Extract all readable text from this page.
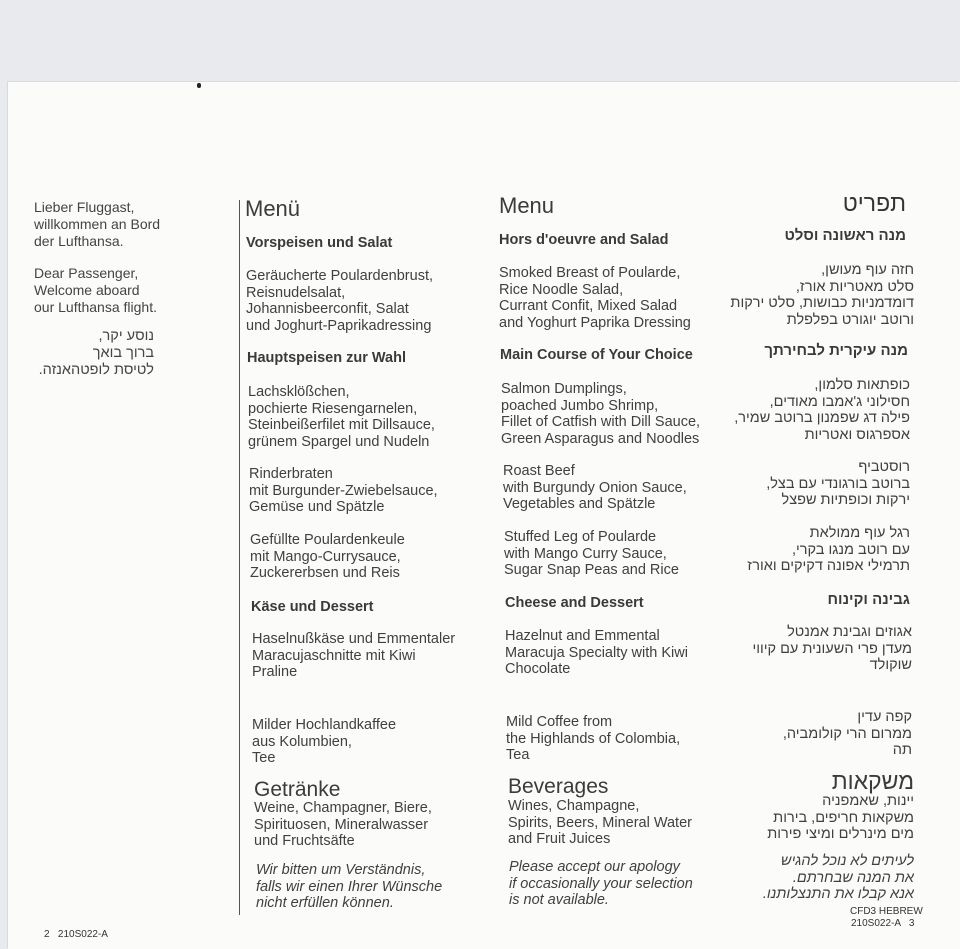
Lieber Fluggast,
willkommen an Bord
der Lufthansa.
Dear Passenger,
Welcome aboard
our Lufthansa flight.
נוסע יקר,
ברוך בואך
לטיסת לופטהאנזה.
Menü
Vorspeisen und Salat
Geräucherte Poulardenbrust,
Reisnudelsalat,
Johannisbeerconfit, Salat
und Joghurt-Paprikadressing
Hauptspeisen zur Wahl
Lachsklößchen,
pochierte Riesengarnelen,
Steinbeißerfilet mit Dillsauce,
grünem Spargel und Nudeln
Rinderbraten
mit Burgunder-Zwiebelsauce,
Gemüse und Spätzle
Gefüllte Poulardenkeule
mit Mango-Currysauce,
Zuckererbsen und Reis
Käse und Dessert
Haselnußkäse und Emmentaler
Maracujaschnitte mit Kiwi
Praline
Milder Hochlandkaffee
aus Kolumbien,
Tee
Getränke
Weine, Champagner, Biere,
Spirituosen, Mineralwasser
und Fruchtsäfte
Wir bitten um Verständnis,
falls wir einen Ihrer Wünsche
nicht erfüllen können.
Menu
Hors d'oeuvre and Salad
Smoked Breast of Poularde,
Rice Noodle Salad,
Currant Confit, Mixed Salad
and Yoghurt Paprika Dressing
Main Course of Your Choice
Salmon Dumplings,
poached Jumbo Shrimp,
Fillet of Catfish with Dill Sauce,
Green Asparagus and Noodles
Roast Beef
with Burgundy Onion Sauce,
Vegetables and Spätzle
Stuffed Leg of Poularde
with Mango Curry Sauce,
Sugar Snap Peas and Rice
Cheese and Dessert
Hazelnut and Emmental
Maracuja Specialty with Kiwi
Chocolate
Mild Coffee from
the Highlands of Colombia,
Tea
Beverages
Wines, Champagne,
Spirits, Beers, Mineral Water
and Fruit Juices
Please accept our apology
if occasionally your selection
is not available.
תפריט
מנה ראשונה וסלט
חזה עוף מעושן,
סלט מאטריות אורז,
דומדמניות כבושות, סלט ירקות
ורוטב יוגורט בפלפלת
מנה עיקרית לבחירתך
כופתאות סלמון,
חסילוני ג'אמבו מאודים,
פילה דג שפמנון ברוטב שמיר,
אספרגוס ואטריות
רוסטביף
ברוטב בורגונדי עם בצל,
ירקות וכופתיות שפצל
רגל עוף ממולאת
עם רוטב מנגו בקרי,
תרמילי אפונה דקיקים ואורז
גבינה וקינוח
אגוזים וגבינת אמנטל
מעדן פרי השעונית עם קיווי
שוקולד
קפה עדין
ממרום הרי קולומביה,
תה
משקאות
יינות, שאמפניה
משקאות חריפים, בירות
מים מינרלים ומיצי פירות
לעיתים לא נוכל להגיש
את המנה שבחרתם.
אנא קבלו את התנצלותנו.
2   210S022-A
CFD3 HEBREW
210S022-A   3
